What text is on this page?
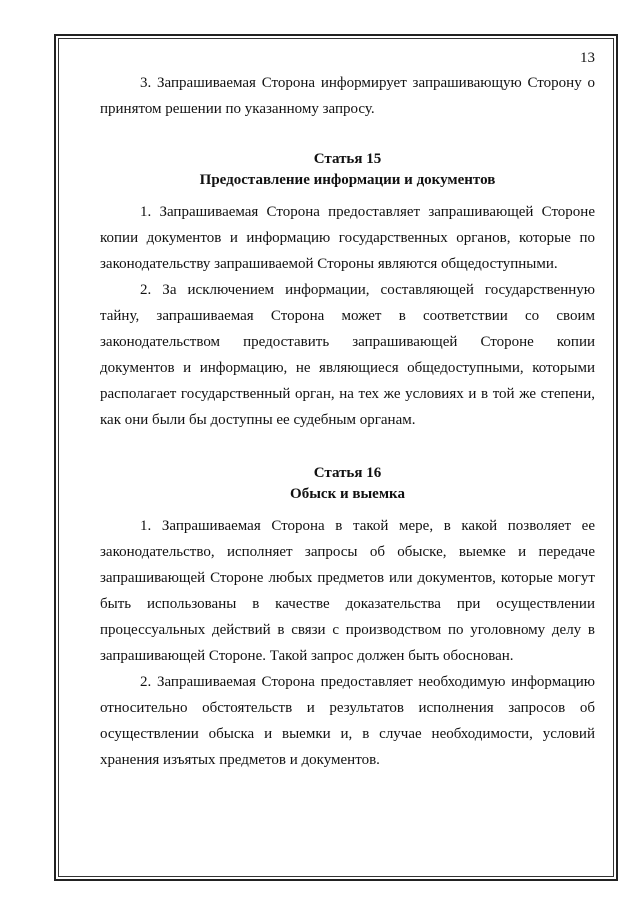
13

3. Запрашиваемая Сторона информирует запрашивающую Сторону о принятом решении по указанному запросу.

Статья 15

Предоставление информации и документов

1. Запрашиваемая Сторона предоставляет запрашивающей Стороне копии документов и информацию государственных органов, которые по законодательству запрашиваемой Стороны являются общедоступными.

2. За исключением информации, составляющей государственную тайну, запрашиваемая Сторона может в соответствии со своим законодательством предоставить запрашивающей Стороне копии документов и информацию, не являющиеся общедоступными, которыми располагает государственный орган, на тех же условиях и в той же степени, как они были бы доступны ее судебным органам.

Статья 16

Обыск и выемка

1. Запрашиваемая Сторона в такой мере, в какой позволяет ее законодательство, исполняет запросы об обыске, выемке и передаче запрашивающей Стороне любых предметов или документов, которые могут быть использованы в качестве доказательства при осуществлении процессуальных действий в связи с производством по уголовному делу в запрашивающей Стороне. Такой запрос должен быть обоснован.

2. Запрашиваемая Сторона предоставляет необходимую информацию относительно обстоятельств и результатов исполнения запросов об осуществлении обыска и выемки и, в случае необходимости, условий хранения изъятых предметов и документов.
